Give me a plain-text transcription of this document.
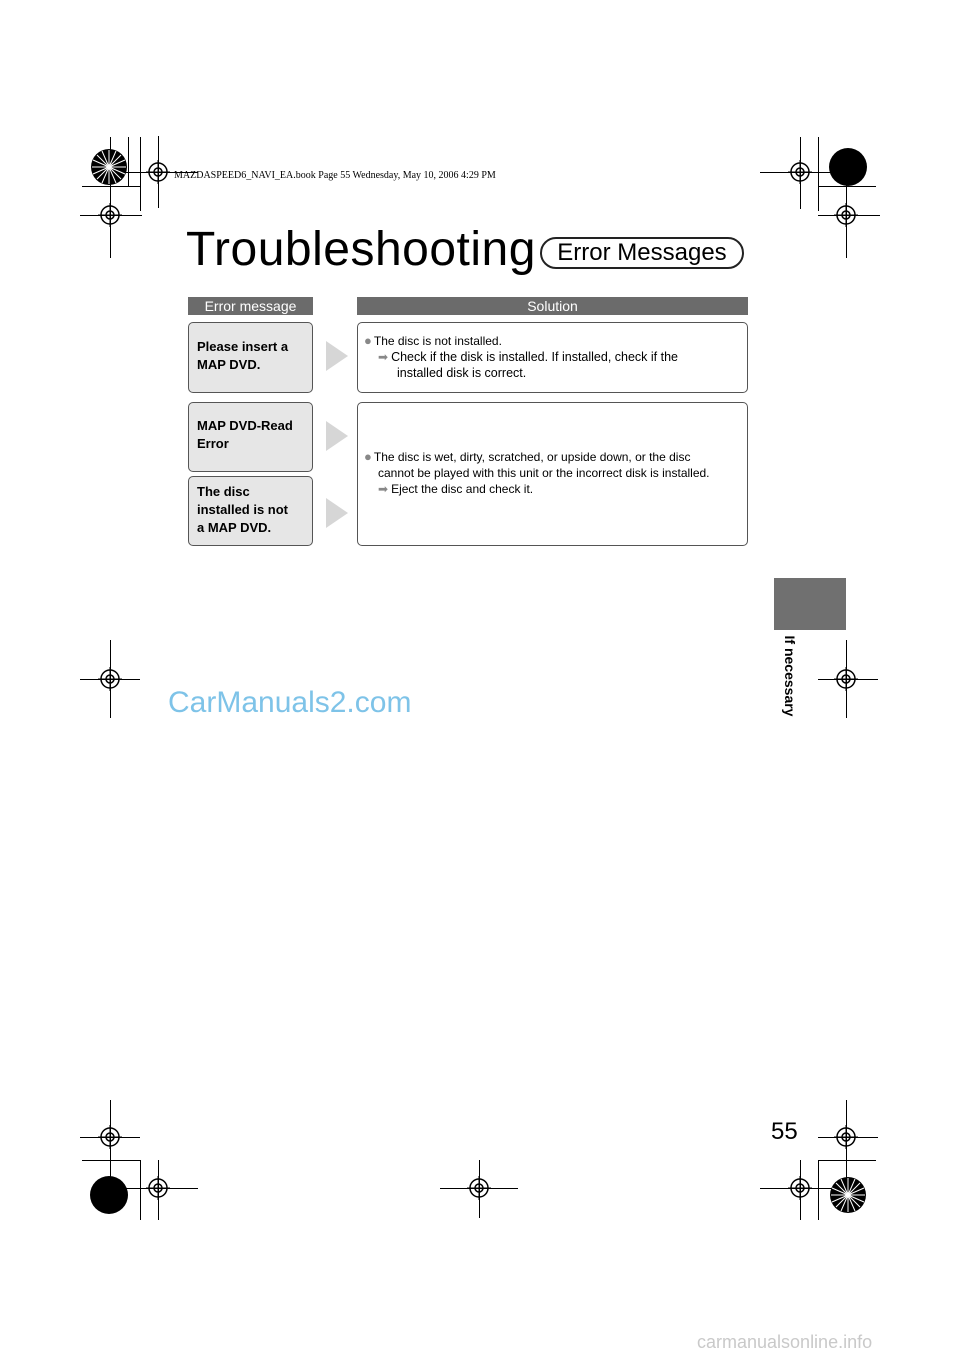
MAZDASPEED6_NAVI_EA.book Page 55 Wednesday, May 10, 2006 4:29 PM
Troubleshooting Error Messages
Error message	Solution
Please insert a
MAP DVD.
MAP DVD-Read
Error
The disc
installed is not
a MAP DVD.
● The disc is not installed.
➡ Check if the disk is installed. If installed, check if the
installed disk is correct.
● The disc is wet, dirty, scratched, or upside down, or the disc
cannot be played with this unit or the incorrect disk is installed.
➡ Eject the disc and check it.
If necessary
CarManuals2.com
55
carmanualsonline.info
